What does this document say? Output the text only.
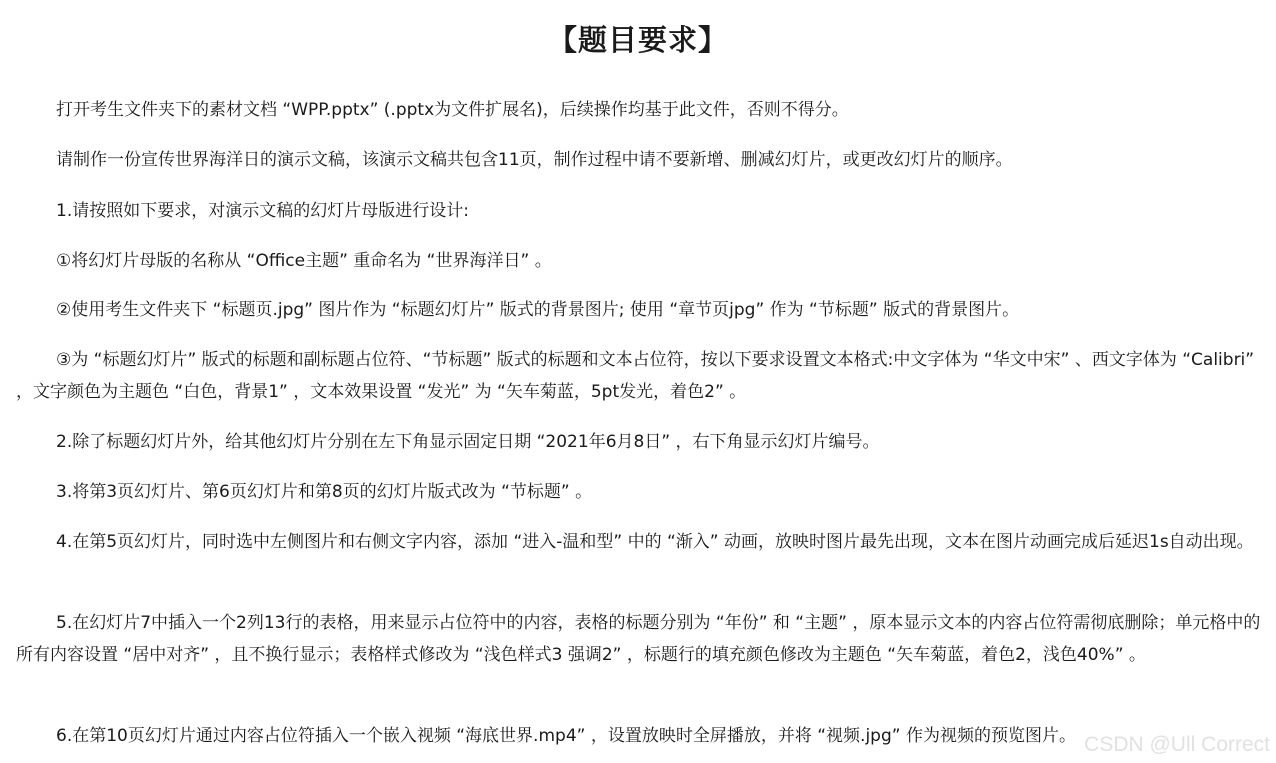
【题目要求】
打开考生文件夹下的素材文档 “WPP.pptx” (.pptx为文件扩展名)，后续操作均基于此文件，否则不得分。
请制作一份宣传世界海洋日的演示文稿，该演示文稿共包含11页，制作过程中请不要新增、删减幻灯片，或更改幻灯片的顺序。
1.请按照如下要求，对演示文稿的幻灯片母版进行设计:
①将幻灯片母版的名称从 “Office主题” 重命名为 “世界海洋日” 。
②使用考生文件夹下 “标题页.jpg” 图片作为 “标题幻灯片” 版式的背景图片; 使用 “章节页jpg” 作为 “节标题” 版式的背景图片。
③为 “标题幻灯片” 版式的标题和副标题占位符、“节标题” 版式的标题和文本占位符，按以下要求设置文本格式:中文字体为 “华文中宋” 、西文字体为 “Calibri” ，文字颜色为主题色 “白色，背景1” ，文本效果设置 “发光” 为 “矢车菊蓝，5pt发光，着色2” 。
2.除了标题幻灯片外，给其他幻灯片分别在左下角显示固定日期 “2021年6月8日” ，右下角显示幻灯片编号。
3.将第3页幻灯片、第6页幻灯片和第8页的幻灯片版式改为 “节标题” 。
4.在第5页幻灯片，同时选中左侧图片和右侧文字内容，添加 “进入-温和型” 中的 “渐入” 动画，放映时图片最先出现，文本在图片动画完成后延迟1s自动出现。
5.在幻灯片7中插入一个2列13行的表格，用来显示占位符中的内容，表格的标题分别为 “年份” 和 “主题” ，原本显示文本的内容占位符需彻底删除；单元格中的所有内容设置 “居中对齐” ，且不换行显示；表格样式修改为 “浅色样式3 强调2” ，标题行的填充颜色修改为主题色 “矢车菊蓝，着色2，浅色40%” 。
6.在第10页幻灯片通过内容占位符插入一个嵌入视频 “海底世界.mp4” ，设置放映时全屏播放，并将 “视频.jpg” 作为视频的预览图片。 CSDN @Ull Correct
